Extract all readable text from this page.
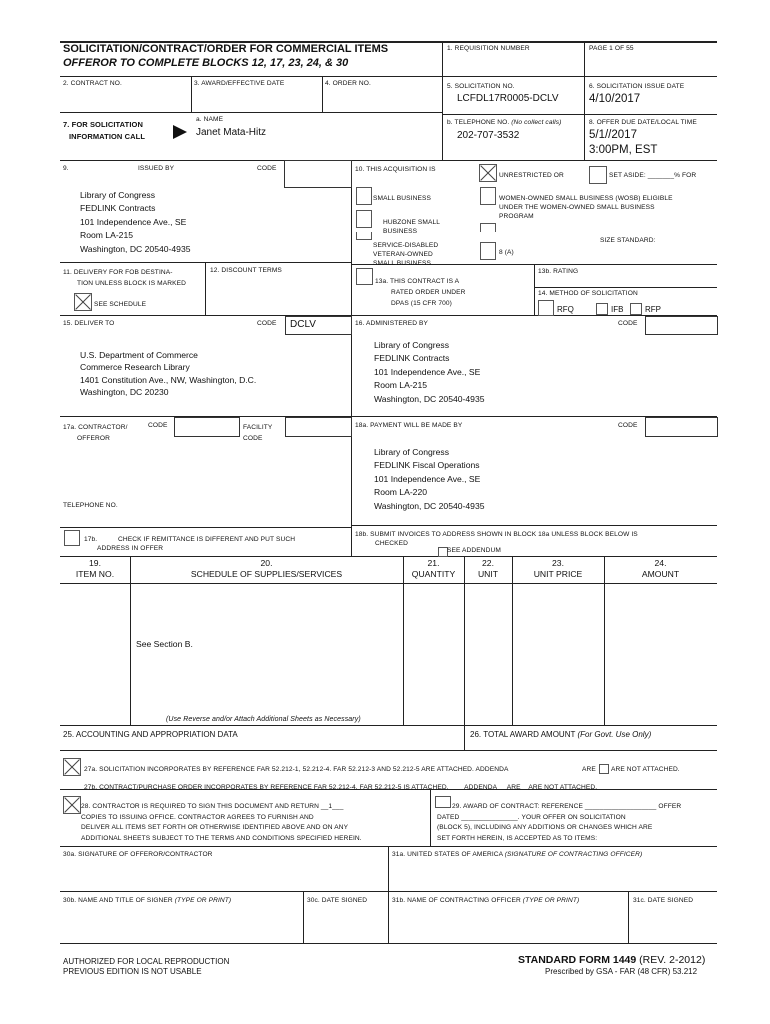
SOLICITATION/CONTRACT/ORDER FOR COMMERCIAL ITEMS
OFFEROR TO COMPLETE BLOCKS 12, 17, 23, 24, & 30
1. REQUISITION NUMBER	PAGE 1 OF 55
2. CONTRACT NO.	3. AWARD/EFFECTIVE DATE	4. ORDER NO.	5. SOLICITATION NO.
LCFDL17R0005-DCLV
6. SOLICITATION ISSUE DATE
4/10/2017
7. FOR SOLICITATION
INFORMATION CALL
a. NAME
Janet Mata-Hitz
b. TELEPHONE NO. (No collect calls)
202-707-3532
8. OFFER DUE DATE/LOCAL TIME
5/1//2017
3:00PM, EST
9.	ISSUED BY	CODE
Library of Congress
FEDLINK Contracts
101 Independence Ave., SE
Room LA-215
Washington, DC 20540-4935
10. THIS ACQUISITION IS
UNRESTRICTED OR	SET ASIDE: _______% FOR
SMALL BUSINESS	WOMEN-OWNED SMALL BUSINESS (WOSB) ELIGIBLE
UNDER THE WOMEN-OWNED SMALL BUSINESS
PROGRAM
HUBZONE SMALL
BUSINESS
SERVICE-DISABLED
VETERAN-OWNED
SMALL BUSINESS
8 (A)
SIZE STANDARD:
11. DELIVERY FOR FOB DESTINA-
TION UNLESS BLOCK IS MARKED
SEE SCHEDULE
12. DISCOUNT TERMS
13a. THIS CONTRACT IS A
RATED ORDER UNDER
DPAS (15 CFR 700)
13b. RATING
14. METHOD OF SOLICITATION
RFQ	IFB	RFP
15. DELIVER TO	CODE DCLV
U.S. Department of Commerce
Commerce Research Library
1401 Constitution Ave., NW, Washington, D.C.
Washington, DC 20230
16. ADMINISTERED BY	CODE
Library of Congress
FEDLINK Contracts
101 Independence Ave., SE
Room LA-215
Washington, DC 20540-4935
17a. CONTRACTOR/
OFFEROR
CODE	FACILITY
CODE
TELEPHONE NO.
18a. PAYMENT WILL BE MADE BY	CODE
Library of Congress
FEDLINK Fiscal Operations
101 Independence Ave., SE
Room LA-220
Washington, DC 20540-4935
17b.	CHECK IF REMITTANCE IS DIFFERENT AND PUT SUCH
ADDRESS IN OFFER
18b. SUBMIT INVOICES TO ADDRESS SHOWN IN BLOCK 18a UNLESS BLOCK BELOW IS
CHECKED
SEE ADDENDUM
19.
ITEM NO.
20.
SCHEDULE OF SUPPLIES/SERVICES
21.
QUANTITY
22.
UNIT
23.
UNIT PRICE
24.
AMOUNT
See Section B.
(Use Reverse and/or Attach Additional Sheets as Necessary)
25. ACCOUNTING AND APPROPRIATION DATA	26. TOTAL AWARD AMOUNT (For Govt. Use Only)
27a. SOLICITATION INCORPORATES BY REFERENCE FAR 52.212-1, 52.212-4. FAR 52.212-3 AND 52.212-5 ARE ATTACHED. ADDENDA	ARE ARE NOT ATTACHED.
27b. CONTRACT/PURCHASE ORDER INCORPORATES BY REFERENCE FAR 52.212-4. FAR 52.212-5 IS ATTACHED. ADDENDA ARE ARE NOT ATTACHED.
28. CONTRACTOR IS REQUIRED TO SIGN THIS DOCUMENT AND RETURN __1___
COPIES TO ISSUING OFFICE. CONTRACTOR AGREES TO FURNISH AND
DELIVER ALL ITEMS SET FORTH OR OTHERWISE IDENTIFIED ABOVE AND ON ANY
ADDITIONAL SHEETS SUBJECT TO THE TERMS AND CONDITIONS SPECIFIED HEREIN.
29. AWARD OF CONTRACT: REFERENCE ___________________ OFFER
DATED _______________. YOUR OFFER ON SOLICITATION
(BLOCK 5), INCLUDING ANY ADDITIONS OR CHANGES WHICH ARE
SET FORTH HEREIN, IS ACCEPTED AS TO ITEMS:
30a. SIGNATURE OF OFFEROR/CONTRACTOR	31a. UNITED STATES OF AMERICA (SIGNATURE OF CONTRACTING OFFICER)
30b. NAME AND TITLE OF SIGNER (TYPE OR PRINT)	30c. DATE SIGNED	31b. NAME OF CONTRACTING OFFICER (TYPE OR PRINT)	31c. DATE SIGNED
AUTHORIZED FOR LOCAL REPRODUCTION
PREVIOUS EDITION IS NOT USABLE
STANDARD FORM 1449 (REV. 2-2012)
Prescribed by GSA - FAR (48 CFR) 53.212
